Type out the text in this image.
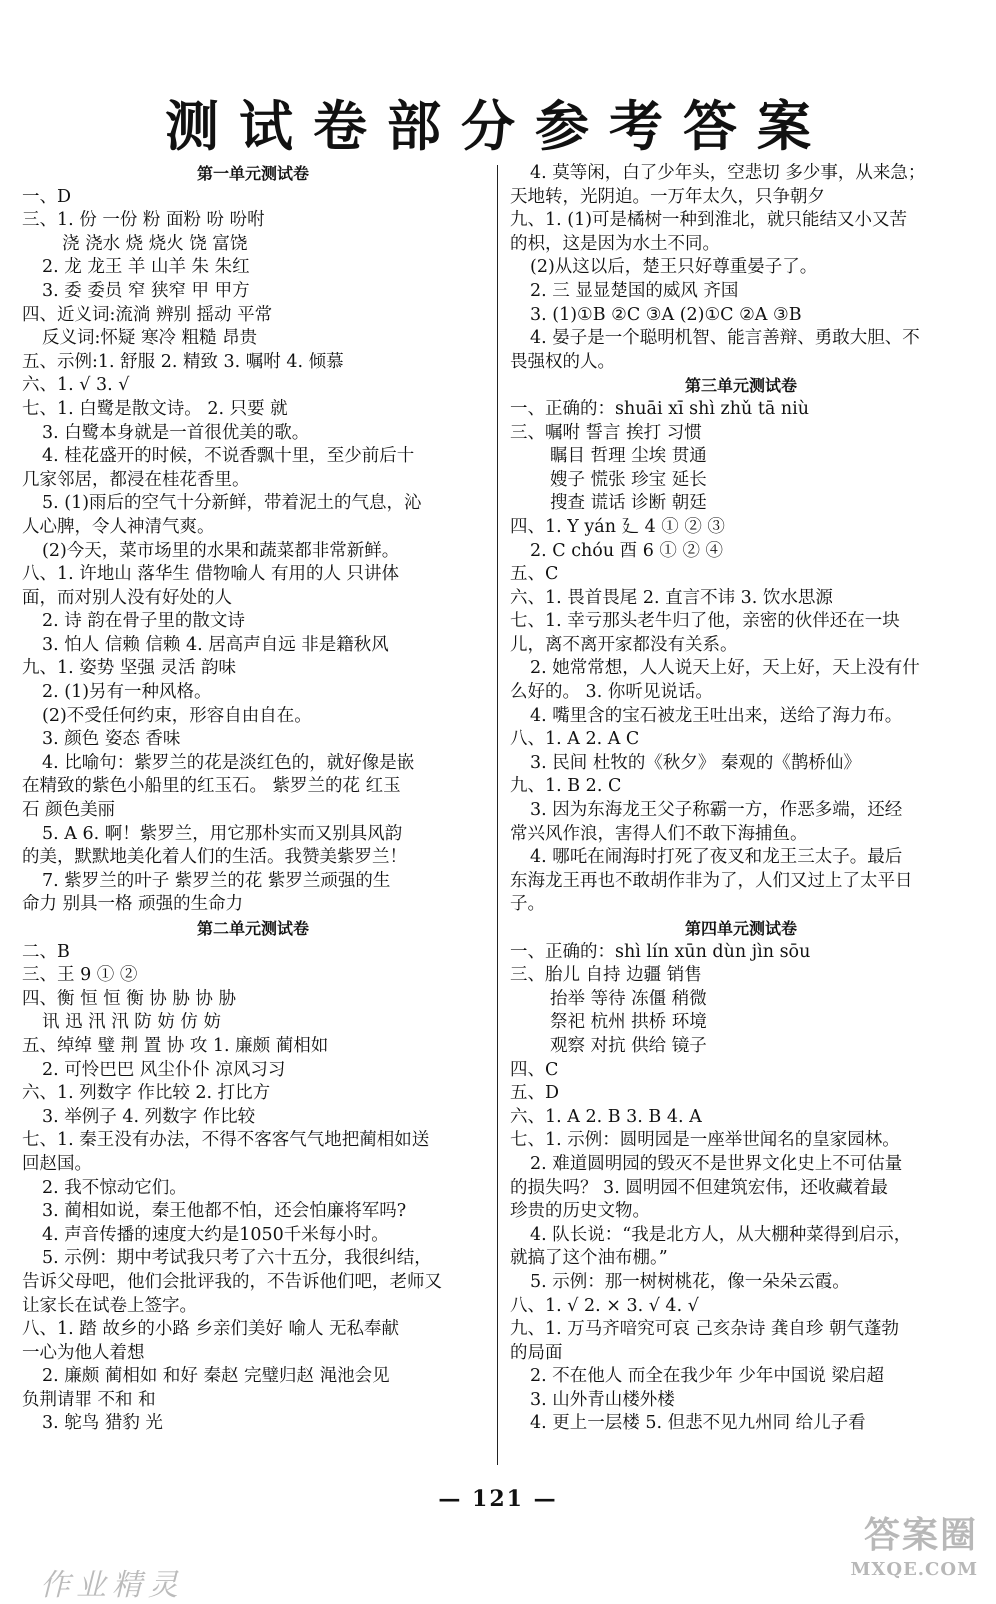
测试卷部分参考答案
第一单元测试卷
一、D
三、1. 份 一份 粉 面粉 吩 吩咐
浇 浇水 烧 烧火 饶 富饶
2. 龙 龙王 羊 山羊 朱 朱红
3. 委 委员 窄 狭窄 甲 甲方
四、近义词:流淌 辨别 摇动 平常
反义词:怀疑 寒冷 粗糙 昂贵
五、示例:1. 舒服 2. 精致 3. 嘱咐 4. 倾慕
六、1. √ 3. √
七、1. 白鹭是散文诗。 2. 只要 就
3. 白鹭本身就是一首很优美的歌。
4. 桂花盛开的时候，不说香飘十里，至少前后十
几家邻居，都浸在桂花香里。
5. (1)雨后的空气十分新鲜，带着泥土的气息，沁
人心脾，令人神清气爽。
(2)今天，菜市场里的水果和蔬菜都非常新鲜。
八、1. 许地山 落华生 借物喻人 有用的人 只讲体
面，而对别人没有好处的人
2. 诗 韵在骨子里的散文诗
3. 怕人 信赖 信赖 4. 居高声自远 非是籍秋风
九、1. 姿势 坚强 灵活 韵味
2. (1)另有一种风格。
(2)不受任何约束，形容自由自在。
3. 颜色 姿态 香味
4. 比喻句：紫罗兰的花是淡红色的，就好像是嵌
在精致的紫色小船里的红玉石。 紫罗兰的花 红玉
石 颜色美丽
5. A 6. 啊！紫罗兰，用它那朴实而又别具风韵
的美，默默地美化着人们的生活。我赞美紫罗兰！
7. 紫罗兰的叶子 紫罗兰的花 紫罗兰顽强的生
命力 别具一格 顽强的生命力
第二单元测试卷
二、B
三、王 9 ① ②
四、衡 恒 恒 衡 协 胁 协 胁
讯 迅 汛 汛 防 妨 仿 妨
五、绰绰 璧 荆 置 协 攻 1. 廉颇 蔺相如
2. 可怜巴巴 风尘仆仆 凉风习习
六、1. 列数字 作比较 2. 打比方
3. 举例子 4. 列数字 作比较
七、1. 秦王没有办法，不得不客客气气地把蔺相如送
回赵国。
2. 我不惊动它们。
3. 蔺相如说，秦王他都不怕，还会怕廉将军吗?
4. 声音传播的速度大约是1050千米每小时。
5. 示例：期中考试我只考了六十五分，我很纠结，
告诉父母吧，他们会批评我的，不告诉他们吧，老师又
让家长在试卷上签字。
八、1. 踏 故乡的小路 乡亲们美好 喻人 无私奉献
一心为他人着想
2. 廉颇 蔺相如 和好 秦赵 完璧归赵 渑池会见
负荆请罪 不和 和
3. 鸵鸟 猎豹 光
4. 莫等闲，白了少年头，空悲切 多少事，从来急；
天地转，光阴迫。一万年太久，只争朝夕
九、1. (1)可是橘树一种到淮北，就只能结又小又苦
的枳，这是因为水土不同。
(2)从这以后，楚王只好尊重晏子了。
2. 三 显显楚国的威风 齐国
3. (1)①B ②C ③A (2)①C ②A ③B
4. 晏子是一个聪明机智、能言善辩、勇敢大胆、不
畏强权的人。
第三单元测试卷
一、正确的：shuāi xī shì zhǔ tā niù
三、嘱咐 誓言 挨打 习惯
瞩目 哲理 尘埃 贯通
嫂子 慌张 珍宝 延长
搜查 谎话 诊断 朝廷
四、1. Y yán 廴 4 ① ② ③
2. C chóu 酉 6 ① ② ④
五、C
六、1. 畏首畏尾 2. 直言不讳 3. 饮水思源
七、1. 幸亏那头老牛归了他，亲密的伙伴还在一块
儿，离不离开家都没有关系。
2. 她常常想，人人说天上好，天上好，天上没有什
么好的。 3. 你听见说话。
4. 嘴里含的宝石被龙王吐出来，送给了海力布。
八、1. A 2. A C
3. 民间 杜牧的《秋夕》 秦观的《鹊桥仙》
九、1. B 2. C
3. 因为东海龙王父子称霸一方，作恶多端，还经
常兴风作浪，害得人们不敢下海捕鱼。
4. 哪吒在闹海时打死了夜叉和龙王三太子。最后
东海龙王再也不敢胡作非为了，人们又过上了太平日
子。
第四单元测试卷
一、正确的：shì lín xūn dùn jìn sōu
三、胎儿 自持 边疆 销售
抬举 等待 冻僵 稍微
祭祀 杭州 拱桥 环境
观察 对抗 供给 镜子
四、C
五、D
六、1. A 2. B 3. B 4. A
七、1. 示例：圆明园是一座举世闻名的皇家园林。
2. 难道圆明园的毁灭不是世界文化史上不可估量
的损失吗？ 3. 圆明园不但建筑宏伟，还收藏着最
珍贵的历史文物。
4. 队长说：“我是北方人，从大棚种菜得到启示，
就搞了这个油布棚。”
5. 示例：那一树树桃花，像一朵朵云霞。
八、1. √ 2. × 3. √ 4. √
九、1. 万马齐喑究可哀 己亥杂诗 龚自珍 朝气蓬勃
的局面
2. 不在他人 而全在我少年 少年中国说 梁启超
3. 山外青山楼外楼
4. 更上一层楼 5. 但悲不见九州同 给儿子看
— 121 —
作业精灵
答案圈
MXQE.COM
